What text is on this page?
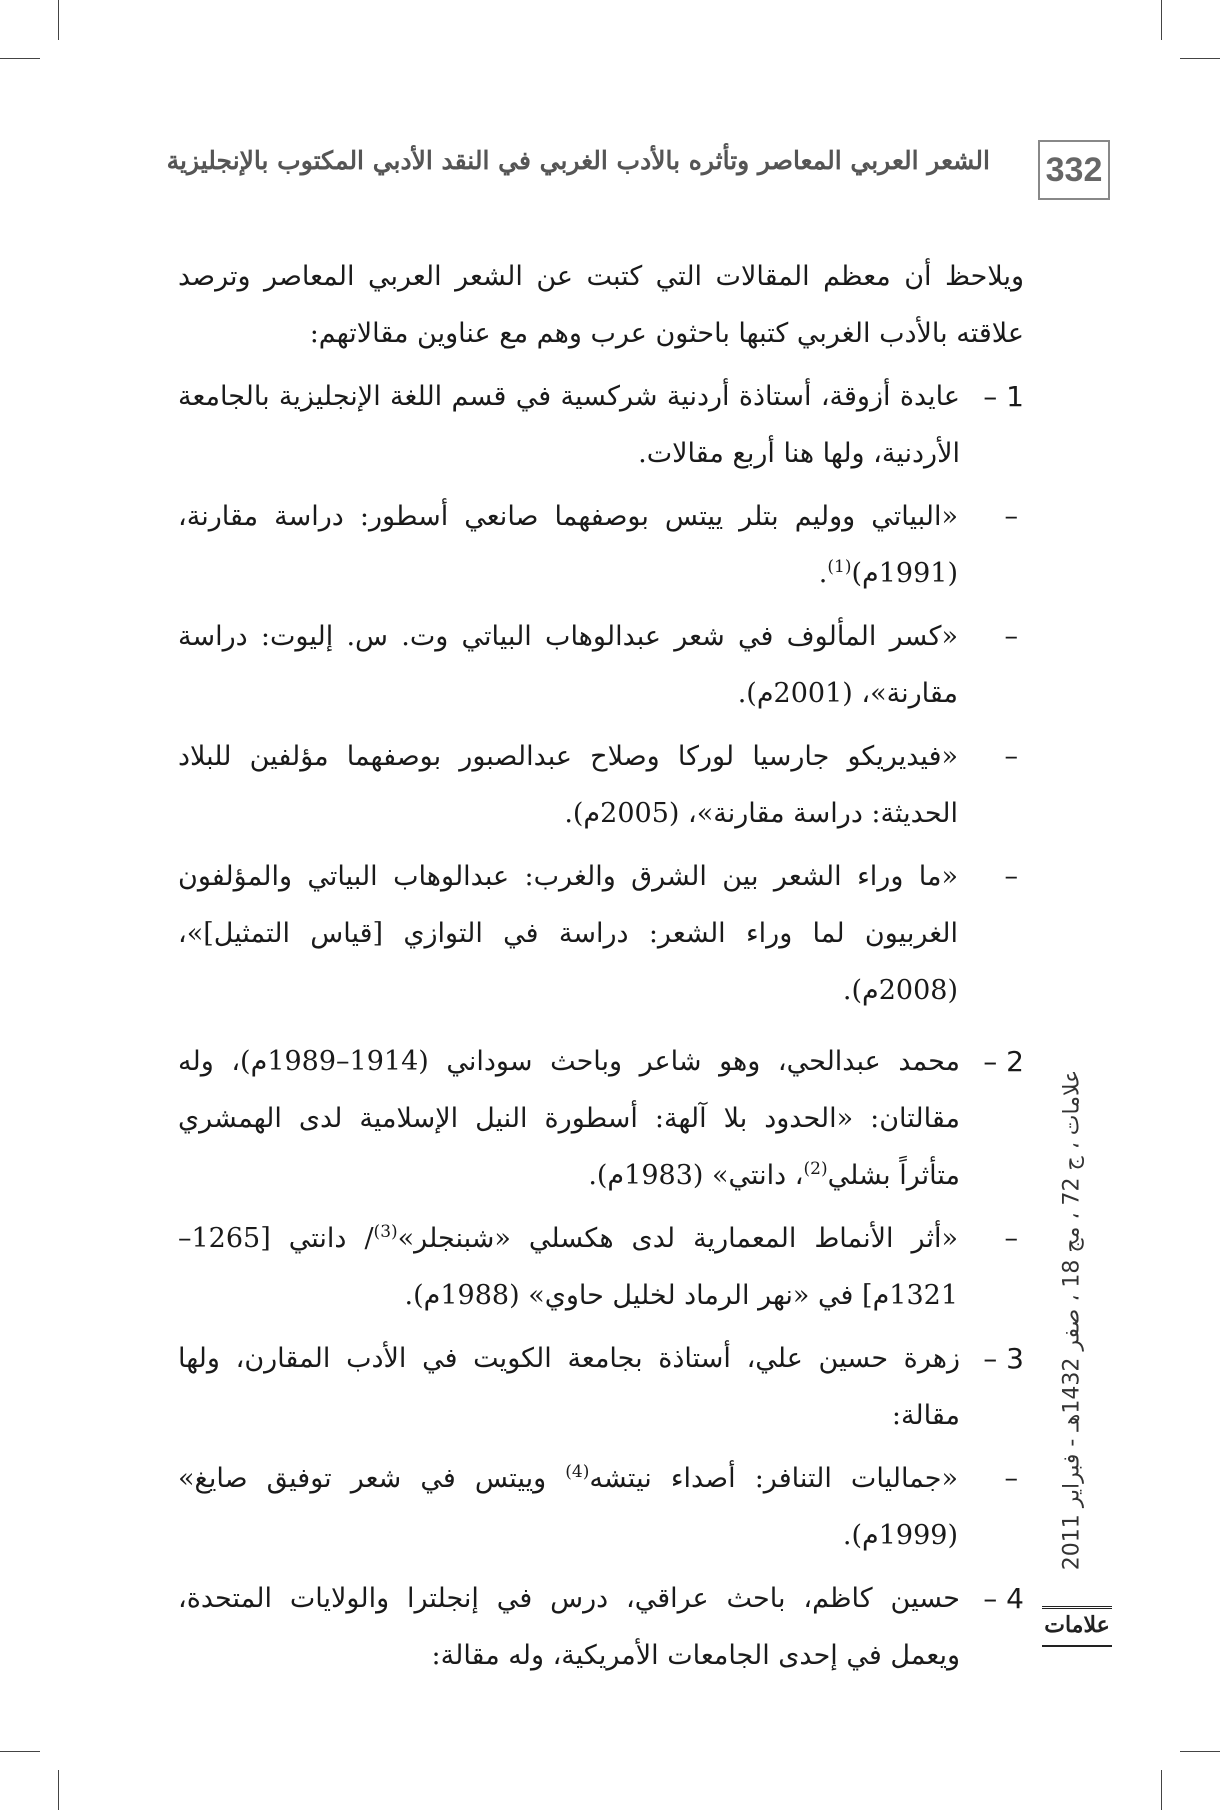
332
الشعر العربي المعاصر وتأثره بالأدب الغربي في النقد الأدبي المكتوب بالإنجليزية

ويلاحظ أن معظم المقالات التي كتبت عن الشعر العربي المعاصر وترصد علاقته بالأدب الغربي كتبها باحثون عرب وهم مع عناوين مقالاتهم:

1 –
عايدة أزوقة، أستاذة أردنية شركسية في قسم اللغة الإنجليزية بالجامعة الأردنية، ولها هنا أربع مقالات.
–
«البياتي ووليم بتلر ييتس بوصفهما صانعي أسطور: دراسة مقارنة، (1991م)$^{(1)}$.
–
«كسر المألوف في شعر عبدالوهاب البياتي وت. س. إليوت: دراسة مقارنة»، (2001م).
–
«فيديريكو جارسيا لوركا وصلاح عبدالصبور بوصفهما مؤلفين للبلاد الحديثة: دراسة مقارنة»، (2005م).
–
«ما وراء الشعر بين الشرق والغرب: عبدالوهاب البياتي والمؤلفون الغربيون لما وراء الشعر: دراسة في التوازي [قياس التمثيل]»، (2008م).
2 –
محمد عبدالحي، وهو شاعر وباحث سوداني (1914–1989م)، وله مقالتان: «الحدود بلا آلهة: أسطورة النيل الإسلامية لدى الهمشري متأثراً بشلي$^{(2)}$، دانتي» (1983م).
–
«أثر الأنماط المعمارية لدى هكسلي «شبنجلر»$^{(3)}$/ دانتي [1265– 1321م] في «نهر الرماد لخليل حاوي» (1988م).
3 –
زهرة حسين علي، أستاذة بجامعة الكويت في الأدب المقارن، ولها مقالة:
–
«جماليات التنافر: أصداء نيتشه$^{(4)}$ وييتس في شعر توفيق صايغ» (1999م).
4 –
حسين كاظم، باحث عراقي، درس في إنجلترا والولايات المتحدة، ويعمل في إحدى الجامعات الأمريكية، وله مقالة:
علامات ، ج 72 ، مج 18 ، صفر 1432هـ - فبراير 2011
علامات
